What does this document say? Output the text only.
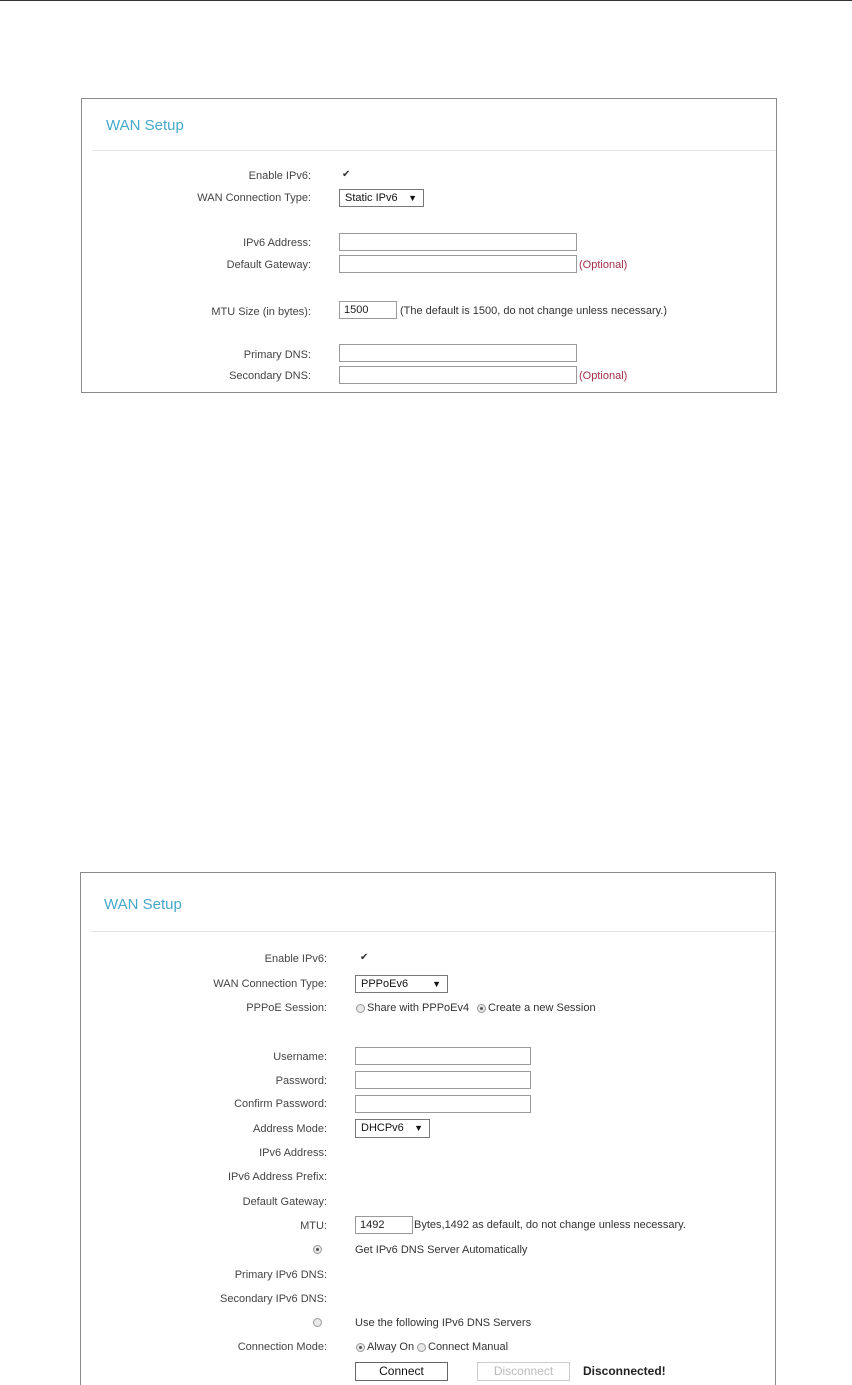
WAN Setup
Enable IPv6:	✔
WAN Connection Type:	Static IPv6 ▼
IPv6 Address:
Default Gateway:	(Optional)
MTU Size (in bytes):	1500	(The default is 1500, do not change unless necessary.)
Primary DNS:
Secondary DNS:	(Optional)
WAN Setup
Enable IPv6:	✔
WAN Connection Type:	PPPoEv6	▼
PPPoE Session:	Share with PPPoEv4 Create a new Session
Username:
Password:
Confirm Password:
Address Mode:	DHCPv6 ▼
IPv6 Address:
IPv6 Address Prefix:
Default Gateway:
MTU:	1492	Bytes,1492 as default, do not change unless necessary.
Get IPv6 DNS Server Automatically
Primary IPv6 DNS:
Secondary IPv6 DNS:
Use the following IPv6 DNS Servers
Connection Mode:	Alway On Connect Manual
Connect	Disconnect	Disconnected!
